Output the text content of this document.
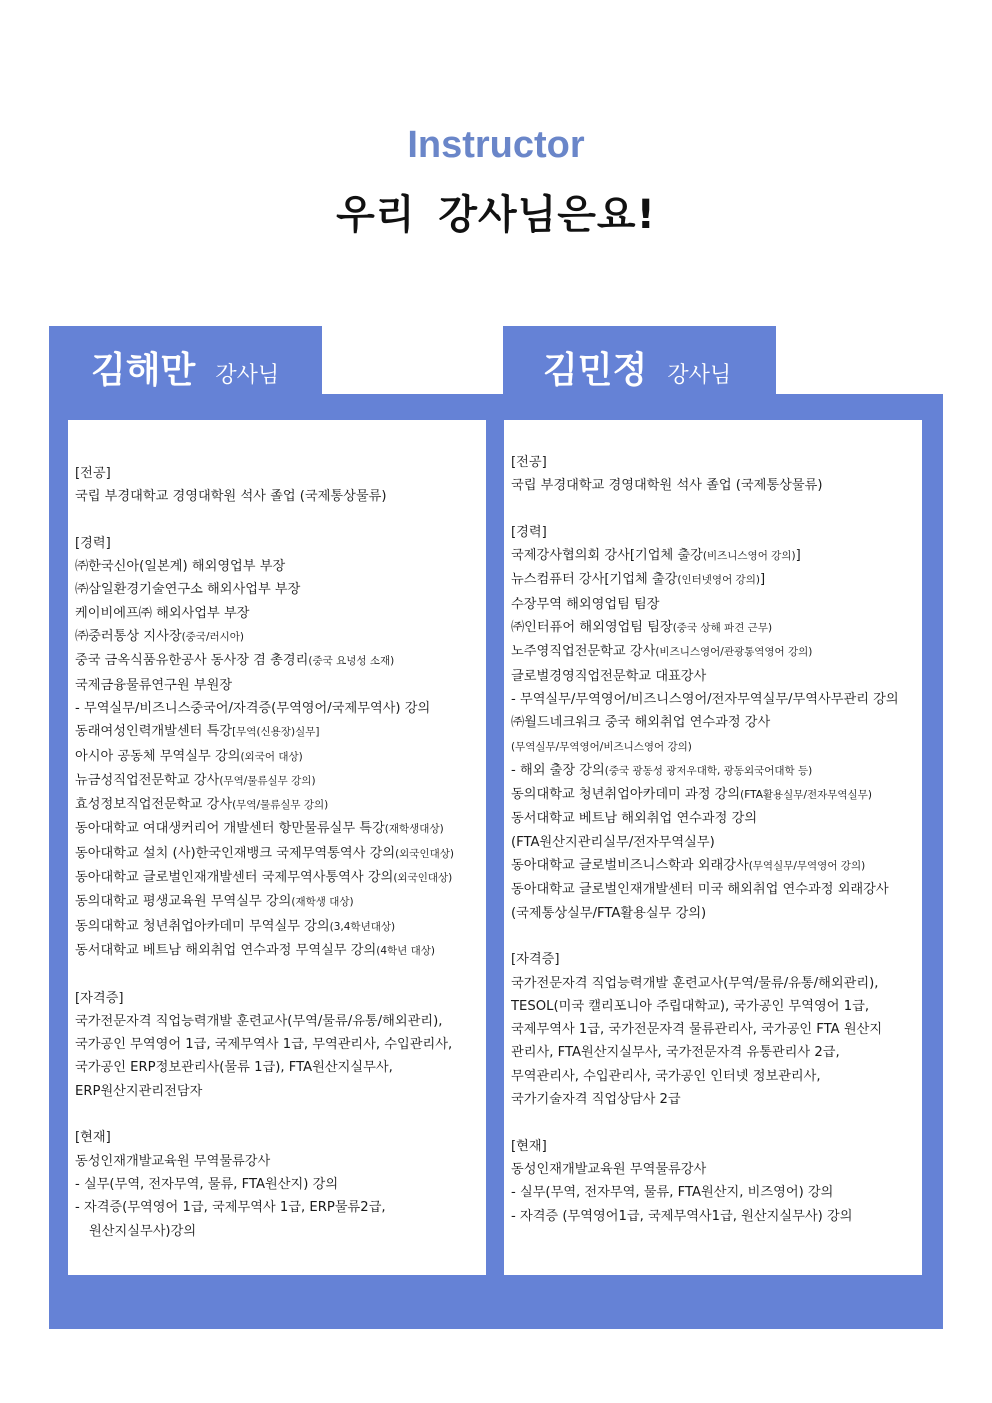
Instructor
우리 강사님은요!
김해만 강사님	김민정 강사님
[전공]
국립 부경대학교 경영대학원 석사 졸업 (국제통상물류)
[경력]
㈜한국신아(일본계) 해외영업부 부장
㈜삼일환경기술연구소 해외사업부 부장
케이비에프㈜ 해외사업부 부장
㈜중러통상 지사장(중국/러시아)
중국 금옥식품유한공사 동사장 겸 총경리(중국 요녕성 소재)
국제금융물류연구원 부원장
- 무역실무/비즈니스중국어/자격증(무역영어/국제무역사) 강의
동래여성인력개발센터 특강[무역(신용장)실무]
아시아 공동체 무역실무 강의(외국어 대상)
뉴금성직업전문학교 강사(무역/물류실무 강의)
효성정보직업전문학교 강사(무역/물류실무 강의)
동아대학교 여대생커리어 개발센터 항만물류실무 특강(재학생대상)
동아대학교 설치 (사)한국인재뱅크 국제무역통역사 강의(외국인대상)
동아대학교 글로벌인재개발센터 국제무역사통역사 강의(외국인대상)
동의대학교 평생교육원 무역실무 강의(재학생 대상)
동의대학교 청년취업아카데미 무역실무 강의(3,4학년대상)
동서대학교 베트남 해외취업 연수과정 무역실무 강의(4학년 대상)
[자격증]
국가전문자격 직업능력개발 훈련교사(무역/물류/유통/해외관리),
국가공인 무역영어 1급, 국제무역사 1급, 무역관리사, 수입관리사,
국가공인 ERP정보관리사(물류 1급), FTA원산지실무사,
ERP원산지관리전담자
[현재]
동성인재개발교육원 무역물류강사
- 실무(무역, 전자무역, 물류, FTA원산지) 강의
- 자격증(무역영어 1급, 국제무역사 1급, ERP물류2급,
원산지실무사)강의
[전공]
국립 부경대학교 경영대학원 석사 졸업 (국제통상물류)
[경력]
국제강사협의회 강사[기업체 출강(비즈니스영어 강의)]
뉴스컴퓨터 강사[기업체 출강(인터넷영어 강의)]
수장무역 해외영업팀 팀장
㈜인터퓨어 해외영업팀 팀장(중국 상해 파견 근무)
노주영직업전문학교 강사(비즈니스영어/관광통역영어 강의)
글로벌경영직업전문학교 대표강사
- 무역실무/무역영어/비즈니스영어/전자무역실무/무역사무관리 강의
㈜월드네크워크 중국 해외취업 연수과정 강사
(무역실무/무역영어/비즈니스영어 강의)
- 해외 출장 강의(중국 광동성 광저우대학, 광동외국어대학 등)
동의대학교 청년취업아카데미 과정 강의(FTA활용실무/전자무역실무)
동서대학교 베트남 해외취업 연수과정 강의
(FTA원산지관리실무/전자무역실무)
동아대학교 글로벌비즈니스학과 외래강사(무역실무/무역영어 강의)
동아대학교 글로벌인재개발센터 미국 해외취업 연수과정 외래강사
(국제통상실무/FTA활용실무 강의)
[자격증]
국가전문자격 직업능력개발 훈련교사(무역/물류/유통/해외관리),
TESOL(미국 캘리포니아 주립대학교), 국가공인 무역영어 1급,
국제무역사 1급, 국가전문자격 물류관리사, 국가공인 FTA 원산지
관리사, FTA원산지실무사, 국가전문자격 유통관리사 2급,
무역관리사, 수입관리사, 국가공인 인터넷 정보관리사,
국가기술자격 직업상담사 2급
[현재]
동성인재개발교육원 무역물류강사
- 실무(무역, 전자무역, 물류, FTA원산지, 비즈영어) 강의
- 자격증 (무역영어1급, 국제무역사1급, 원산지실무사) 강의
